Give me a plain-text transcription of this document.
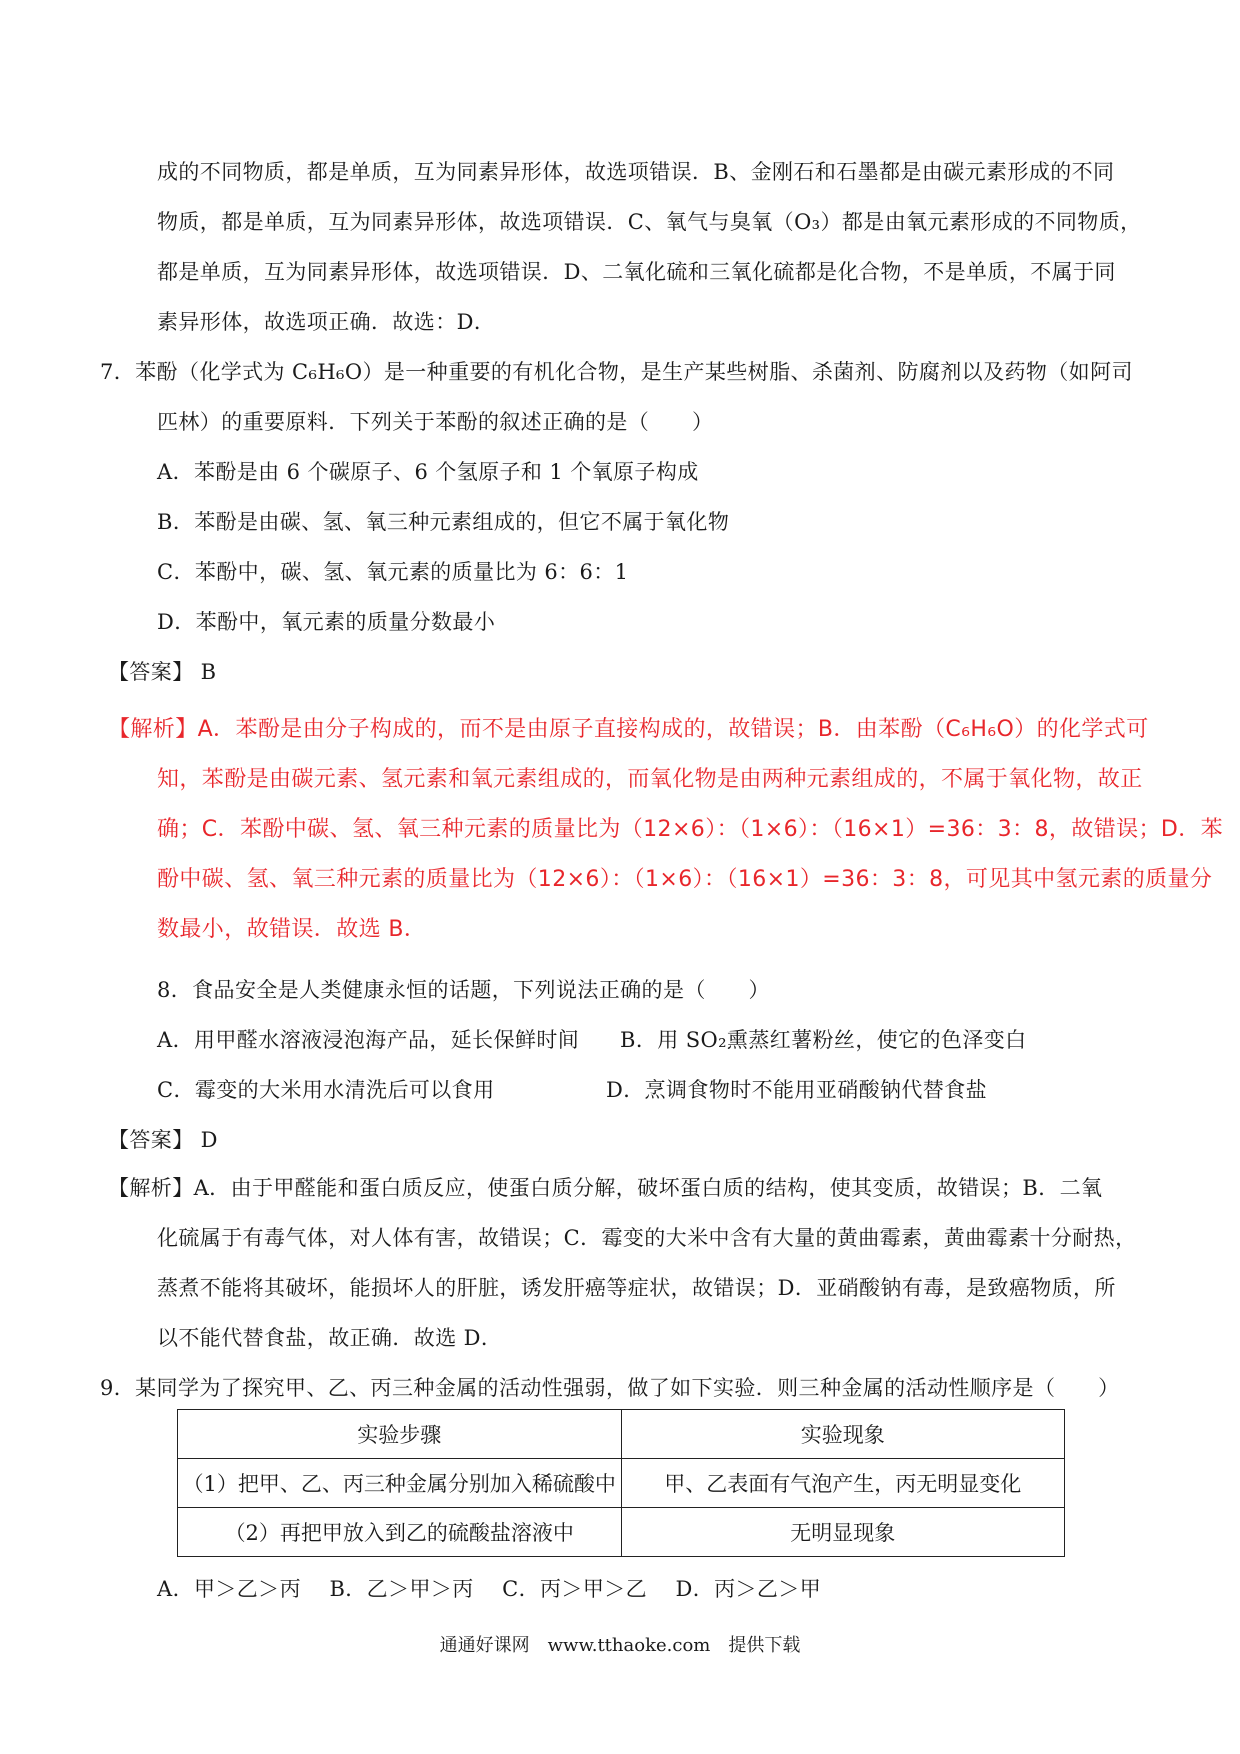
成的不同物质，都是单质，互为同素异形体，故选项错误．B、金刚石和石墨都是由碳元素形成的不同
物质，都是单质，互为同素异形体，故选项错误．C、氧气与臭氧（O₃）都是由氧元素形成的不同物质，
都是单质，互为同素异形体，故选项错误．D、二氧化硫和三氧化硫都是化合物，不是单质，不属于同
素异形体，故选项正确．故选：D．
7．苯酚（化学式为 C₆H₆O）是一种重要的有机化合物，是生产某些树脂、杀菌剂、防腐剂以及药物（如阿司
匹林）的重要原料．下列关于苯酚的叙述正确的是（　　）
A．苯酚是由 6 个碳原子、6 个氢原子和 1 个氧原子构成
B．苯酚是由碳、氢、氧三种元素组成的，但它不属于氧化物
C．苯酚中，碳、氢、氧元素的质量比为 6：6：1
D．苯酚中，氧元素的质量分数最小
【答案】 B
【解析】A．苯酚是由分子构成的，而不是由原子直接构成的，故错误；B．由苯酚（C₆H₆O）的化学式可
知，苯酚是由碳元素、氢元素和氧元素组成的，而氧化物是由两种元素组成的，不属于氧化物，故正
确；C．苯酚中碳、氢、氧三种元素的质量比为（12×6）：（1×6）：（16×1）=36：3：8，故错误；D．苯
酚中碳、氢、氧三种元素的质量比为（12×6）：（1×6）：（16×1）=36：3：8，可见其中氢元素的质量分
数最小，故错误．故选 B．
8．食品安全是人类健康永恒的话题，下列说法正确的是（　　）
A．用甲醛水溶液浸泡海产品，延长保鲜时间 B．用 SO₂熏蒸红薯粉丝，使它的色泽变白
C．霉变的大米用水清洗后可以食用	D．烹调食物时不能用亚硝酸钠代替食盐
【答案】 D
【解析】A．由于甲醛能和蛋白质反应，使蛋白质分解，破坏蛋白质的结构，使其变质，故错误；B．二氧
化硫属于有毒气体，对人体有害，故错误；C．霉变的大米中含有大量的黄曲霉素，黄曲霉素十分耐热，
蒸煮不能将其破坏，能损坏人的肝脏，诱发肝癌等症状，故错误；D．亚硝酸钠有毒，是致癌物质，所
以不能代替食盐，故正确．故选 D．
9．某同学为了探究甲、乙、丙三种金属的活动性强弱，做了如下实验．则三种金属的活动性顺序是（　　）
实验步骤	实验现象
（1）把甲、乙、丙三种金属分别加入稀硫酸中	甲、乙表面有气泡产生，丙无明显变化
（2）再把甲放入到乙的硫酸盐溶液中	无明显现象
A．甲＞乙＞丙　 B．乙＞甲＞丙　 C．丙＞甲＞乙　 D．丙＞乙＞甲
通通好课网　www.tthaoke.com　提供下载
